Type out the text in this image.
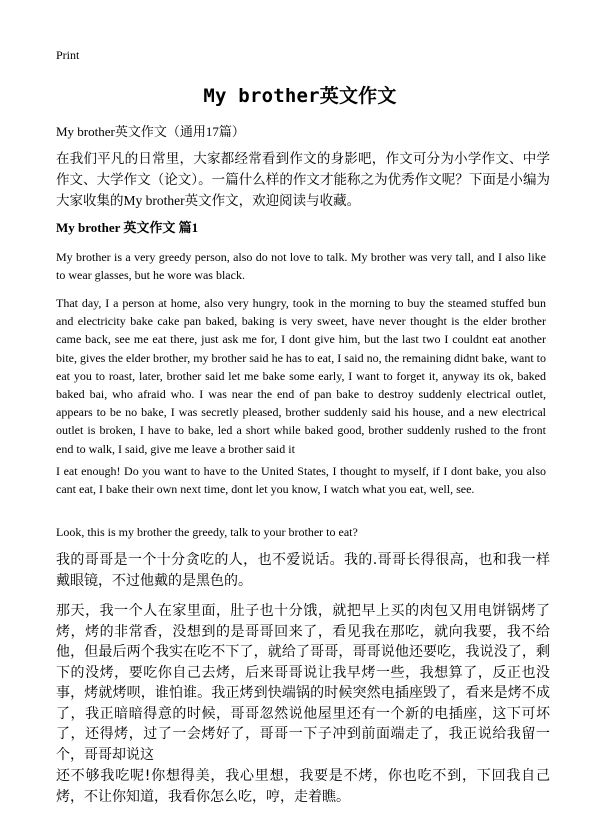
Print
My brother英文作文
My brother英文作文（通用17篇）

在我们平凡的日常里，大家都经常看到作文的身影吧，作文可分为小学作文、中学作文、大学作文（论文）。一篇什么样的作文才能称之为优秀作文呢？下面是小编为大家收集的My brother英文作文，欢迎阅读与收藏。

My brother 英文作文 篇1

My brother is a very greedy person, also do not love to talk. My brother was very tall, and I also like to wear glasses, but he wore was black.

That day, I a person at home, also very hungry, took in the morning to buy the steamed stuffed bun and electricity bake cake pan baked, baking is very sweet, have never thought is the elder brother came back, see me eat there, just ask me for, I dont give him, but the last two I couldnt eat another bite, gives the elder brother, my brother said he has to eat, I said no, the remaining didnt bake, want to eat you to roast, later, brother said let me bake some early, I want to forget it, anyway its ok, baked baked bai, who afraid who. I was near the end of pan bake to destroy suddenly electrical outlet, appears to be no bake, I was secretly pleased, brother suddenly said his house, and a new electrical outlet is broken, I have to bake, led a short while baked good, brother suddenly rushed to the front end to walk, I said, give me leave a brother said it

I eat enough! Do you want to have to the United States, I thought to myself, if I dont bake, you also cant eat, I bake their own next time, dont let you know, I watch what you eat, well, see.

Look, this is my brother the greedy, talk to your brother to eat?

我的哥哥是一个十分贪吃的人，也不爱说话。我的.哥哥长得很高，也和我一样戴眼镜，不过他戴的是黑色的。

那天，我一个人在家里面，肚子也十分饿，就把早上买的肉包又用电饼锅烤了烤，烤的非常香，没想到的是哥哥回来了，看见我在那吃，就向我要，我不给他，但最后两个我实在吃不下了，就给了哥哥，哥哥说他还要吃，我说没了，剩下的没烤，要吃你自己去烤，后来哥哥说让我早烤一些，我想算了，反正也没事，烤就烤呗，谁怕谁。我正烤到快端锅的时候突然电插座毁了，看来是烤不成了，我正暗暗得意的时候，哥哥忽然说他屋里还有一个新的电插座，这下可坏了，还得烤，过了一会烤好了，哥哥一下子冲到前面端走了，我正说给我留一个，哥哥却说这

还不够我吃呢!你想得美，我心里想，我要是不烤，你也吃不到，下回我自己烤，不让你知道，我看你怎么吃，哼，走着瞧。
